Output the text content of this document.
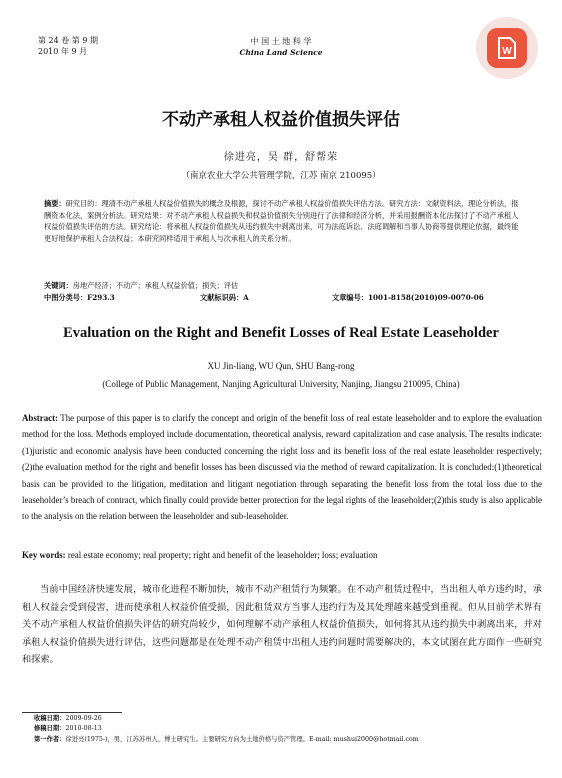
第 24 卷 第 9 期
2010 年 9 月
中 国 土 地 科 学
China Land Science	W
不动产承租人权益价值损失评估
徐进亮，吴 群，舒帮荣
（南京农业大学公共管理学院，江苏 南京 210095）
摘要：研究目的：理清不动产承租人权益价值损失的概念及根源，探讨不动产承租人权益价值损失评估方法。研究方法：文献资料法，理论分析法，报酬资本化法，案例分析法。研究结果：对不动产承租人权益损失和权益价值损失分别进行了法律和经济分析，并采用报酬资本化法探讨了不动产承租人权益价值损失评估的方法。研究结论：将承租人权益价值损失从违约损失中剥离出来，可为法庭诉讼、法庭调解和当事人协商等提供理论依据，最终能更好地保护承租人合法权益；本研究同样适用于承租人与次承租人的关系分析。
关键词：房地产经济；不动产；承租人权益价值；损失；评估
中图分类号：F293.3	文献标识码：A	文章编号：1001-8158(2010)09-0070-06
Evaluation on the Right and Benefit Losses of Real Estate Leaseholder
XU Jin-liang, WU Qun, SHU Bang-rong
(College of Public Management, Nanjing Agricultural University, Nanjing, Jiangsu 210095, China)
Abstract: The purpose of this paper is to clarify the concept and origin of the benefit loss of real estate leaseholder and to explore the evaluation method for the loss. Methods employed include documentation, theoretical analysis, reward capitalization and case analysis. The results indicate:(1)juristic and economic analysis have been conducted concerning the right loss and its benefit loss of the real estate leaseholder respectively;(2)the evaluation method for the right and benefit losses has been discussed via the method of reward capitalization. It is concluded:(1)theoretical basis can be provided to the litigation, meditation and litigant negotiation through separating the benefit loss from the total loss due to the leaseholder’s breach of contract, which finally could provide better protection for the legal rights of the leaseholder;(2)this study is also applicable to the analysis on the relation between the leaseholder and sub-leaseholder.
Key words: real estate economy; real property; right and benefit of the leaseholder; loss; evaluation
当前中国经济快速发展，城市化进程不断加快，城市不动产租赁行为频繁。在不动产租赁过程中，当出租人单方违约时，承租人权益会受到侵害，进而使承租人权益价值受损，因此租赁双方当事人违约行为及其处理越来越受到重视。但从目前学术界有关不动产承租人权益价值损失评估的研究尚较少，如何理解不动产承租人权益价值损失，如何将其从违约损失中剥离出来，并对承租人权益价值损失进行评估，这些问题都是在处理不动产租赁中出租人违约问题时需要解决的，本文试图在此方面作一些研究和探索。
收稿日期：2009-09-26
修稿日期：2010-08-13
第一作者：徐进亮(1975-)，男，江苏苏州人，博士研究生。主要研究方向为土地价格与资产管理。E-mail: mushui2000@hotmail.com
